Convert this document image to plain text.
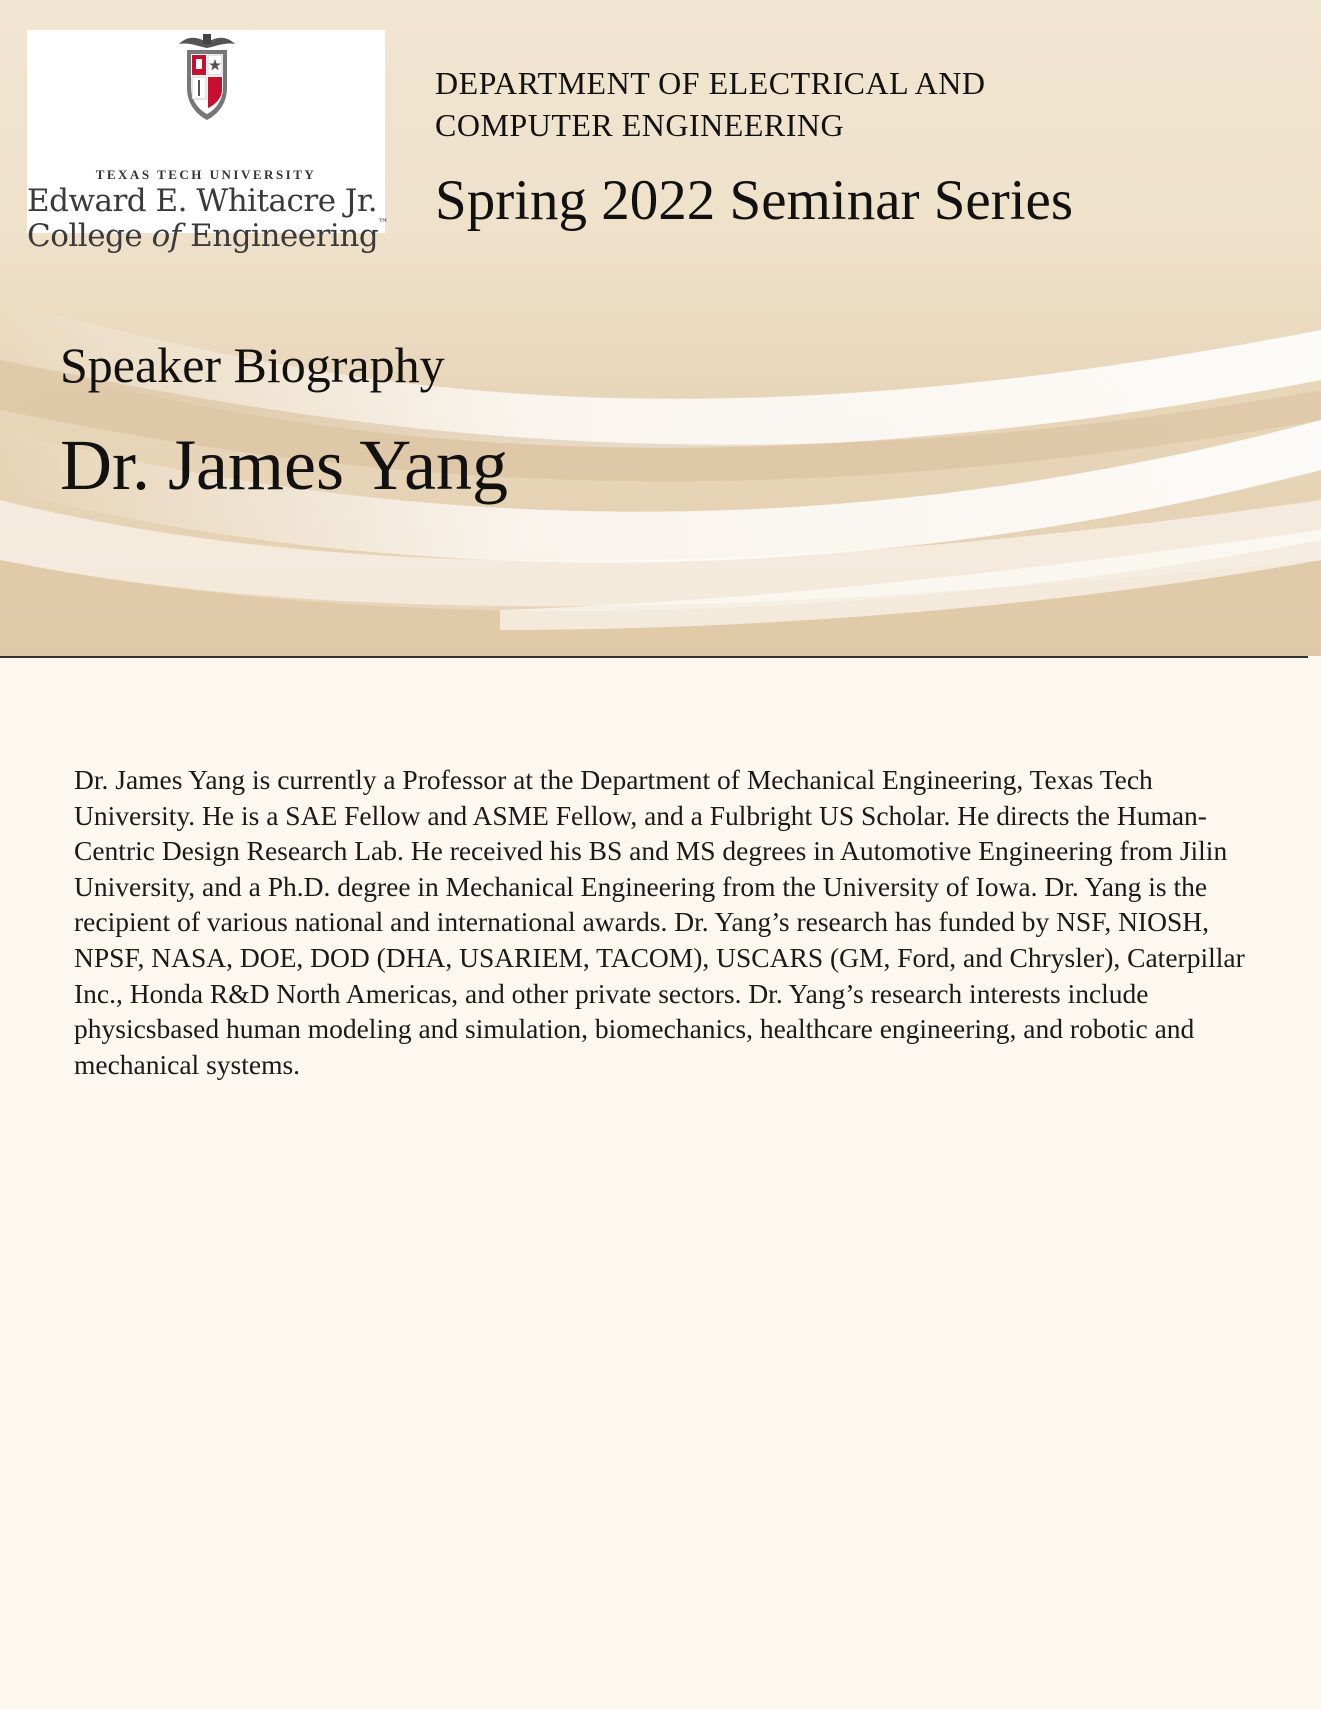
TEXAS TECH UNIVERSITY
Edward E. Whitacre Jr.
College of Engineering™
DEPARTMENT OF ELECTRICAL AND
COMPUTER ENGINEERING
Spring 2022 Seminar Series
Speaker Biography
Dr. James Yang
Dr. James Yang is currently a Professor at the Department of Mechanical Engineering, Texas Tech University. He is a SAE Fellow and ASME Fellow, and a Fulbright US Scholar. He directs the Human- Centric Design Research Lab. He received his BS and MS degrees in Automotive Engineering from Jilin University, and a Ph.D. degree in Mechanical Engineering from the University of Iowa. Dr. Yang is the recipient of various national and international awards. Dr. Yang’s research has funded by NSF, NIOSH, NPSF, NASA, DOE, DOD (DHA, USARIEM, TACOM), USCARS (GM, Ford, and Chrysler), Caterpillar Inc., Honda R&D North Americas, and other private sectors. Dr. Yang’s research interests include physicsbased human modeling and simulation, biomechanics, healthcare engineering, and robotic and mechanical systems.
